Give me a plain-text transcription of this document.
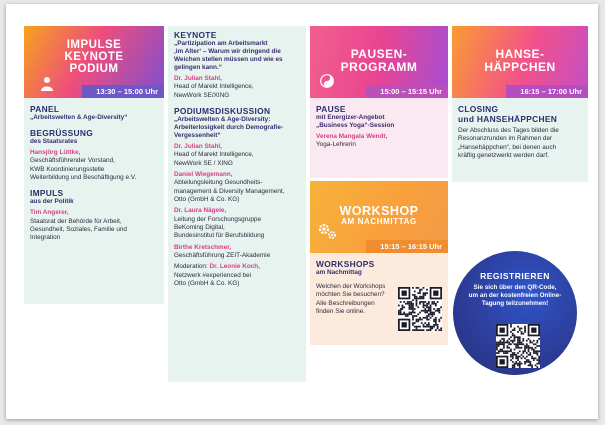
IMPULSE
KEYNOTE
PODIUM
13:30 – 15:00 Uhr
PANEL
„Arbeitswelten & Age-Diversity“
BEGRÜSSUNG
des Staatsrates
Hansjörg Lüttke,
Geschäftsführender Vorstand,
KWB Koordinierungsstelle
Weiterbildung und Beschäftigung e.V.
IMPULS
aus der Politik
Tim Angerer,
Staatsrat der Behörde für Arbeit,
Gesundheit, Soziales, Familie und
Integration
KEYNOTE
„Partizipation am Arbeitsmarkt
‚im Alter‘ – Warum wir dringend die
Weichen stellen müssen und wie es
gelingen kann.“
Dr. Julian Stahl,
Head of Marekt Intelligence,
NewWork SE/XING
PODIUMSDISKUSSION
„Arbeitswelten & Age-Diversity:
Arbeiterlosigkeit durch Demografie-
Vergessenheit“
Dr. Julian Stahl,
Head of Marekt Intelligence,
NewWork SE / XING
Daniel Wiegemann,
Abteilungsleitung Gesundheits-
management & Diversity Management,
Otto (GmbH & Co. KG)
Dr. Laura Nägele,
Leitung der Forschungsgruppe
BeKoming Digital,
Bundesinstitut für Berufsbildung
Birthe Kretschmer,
Geschäftsführung ZEIT-Akademie
Moderation: Dr. Leonie Koch,
Netzwerk #experienced bei
Otto (GmbH & Co. KG)
PAUSEN-
PROGRAMM
15:00 – 15:15 Uhr
PAUSE
mit Energizer-Angebot
„Business Yoga“-Session
Verena Mangala Wendt,
Yoga-Lehrerin
WORKSHOP
AM NACHMITTAG
15:15 – 16:15 Uhr
WORKSHOPS
am Nachmittag
Welchen der Workshops
möchten Sie besuchen?
Alle Beschreibungen
finden Sie online.
HANSE-
HÄPPCHEN
16:15 – 17:00 Uhr
CLOSING
und HANSEHÄPPCHEN
Der Abschluss des Tages bilden die
Resonanzrunden im Rahmen der
„Hansehäppchen“, bei denen auch
kräftig genetzwerkt werden darf.
REGISTRIEREN
Sie sich über den QR-Code,
um an der kostenfreien Online-
Tagung teilzunehmen!
